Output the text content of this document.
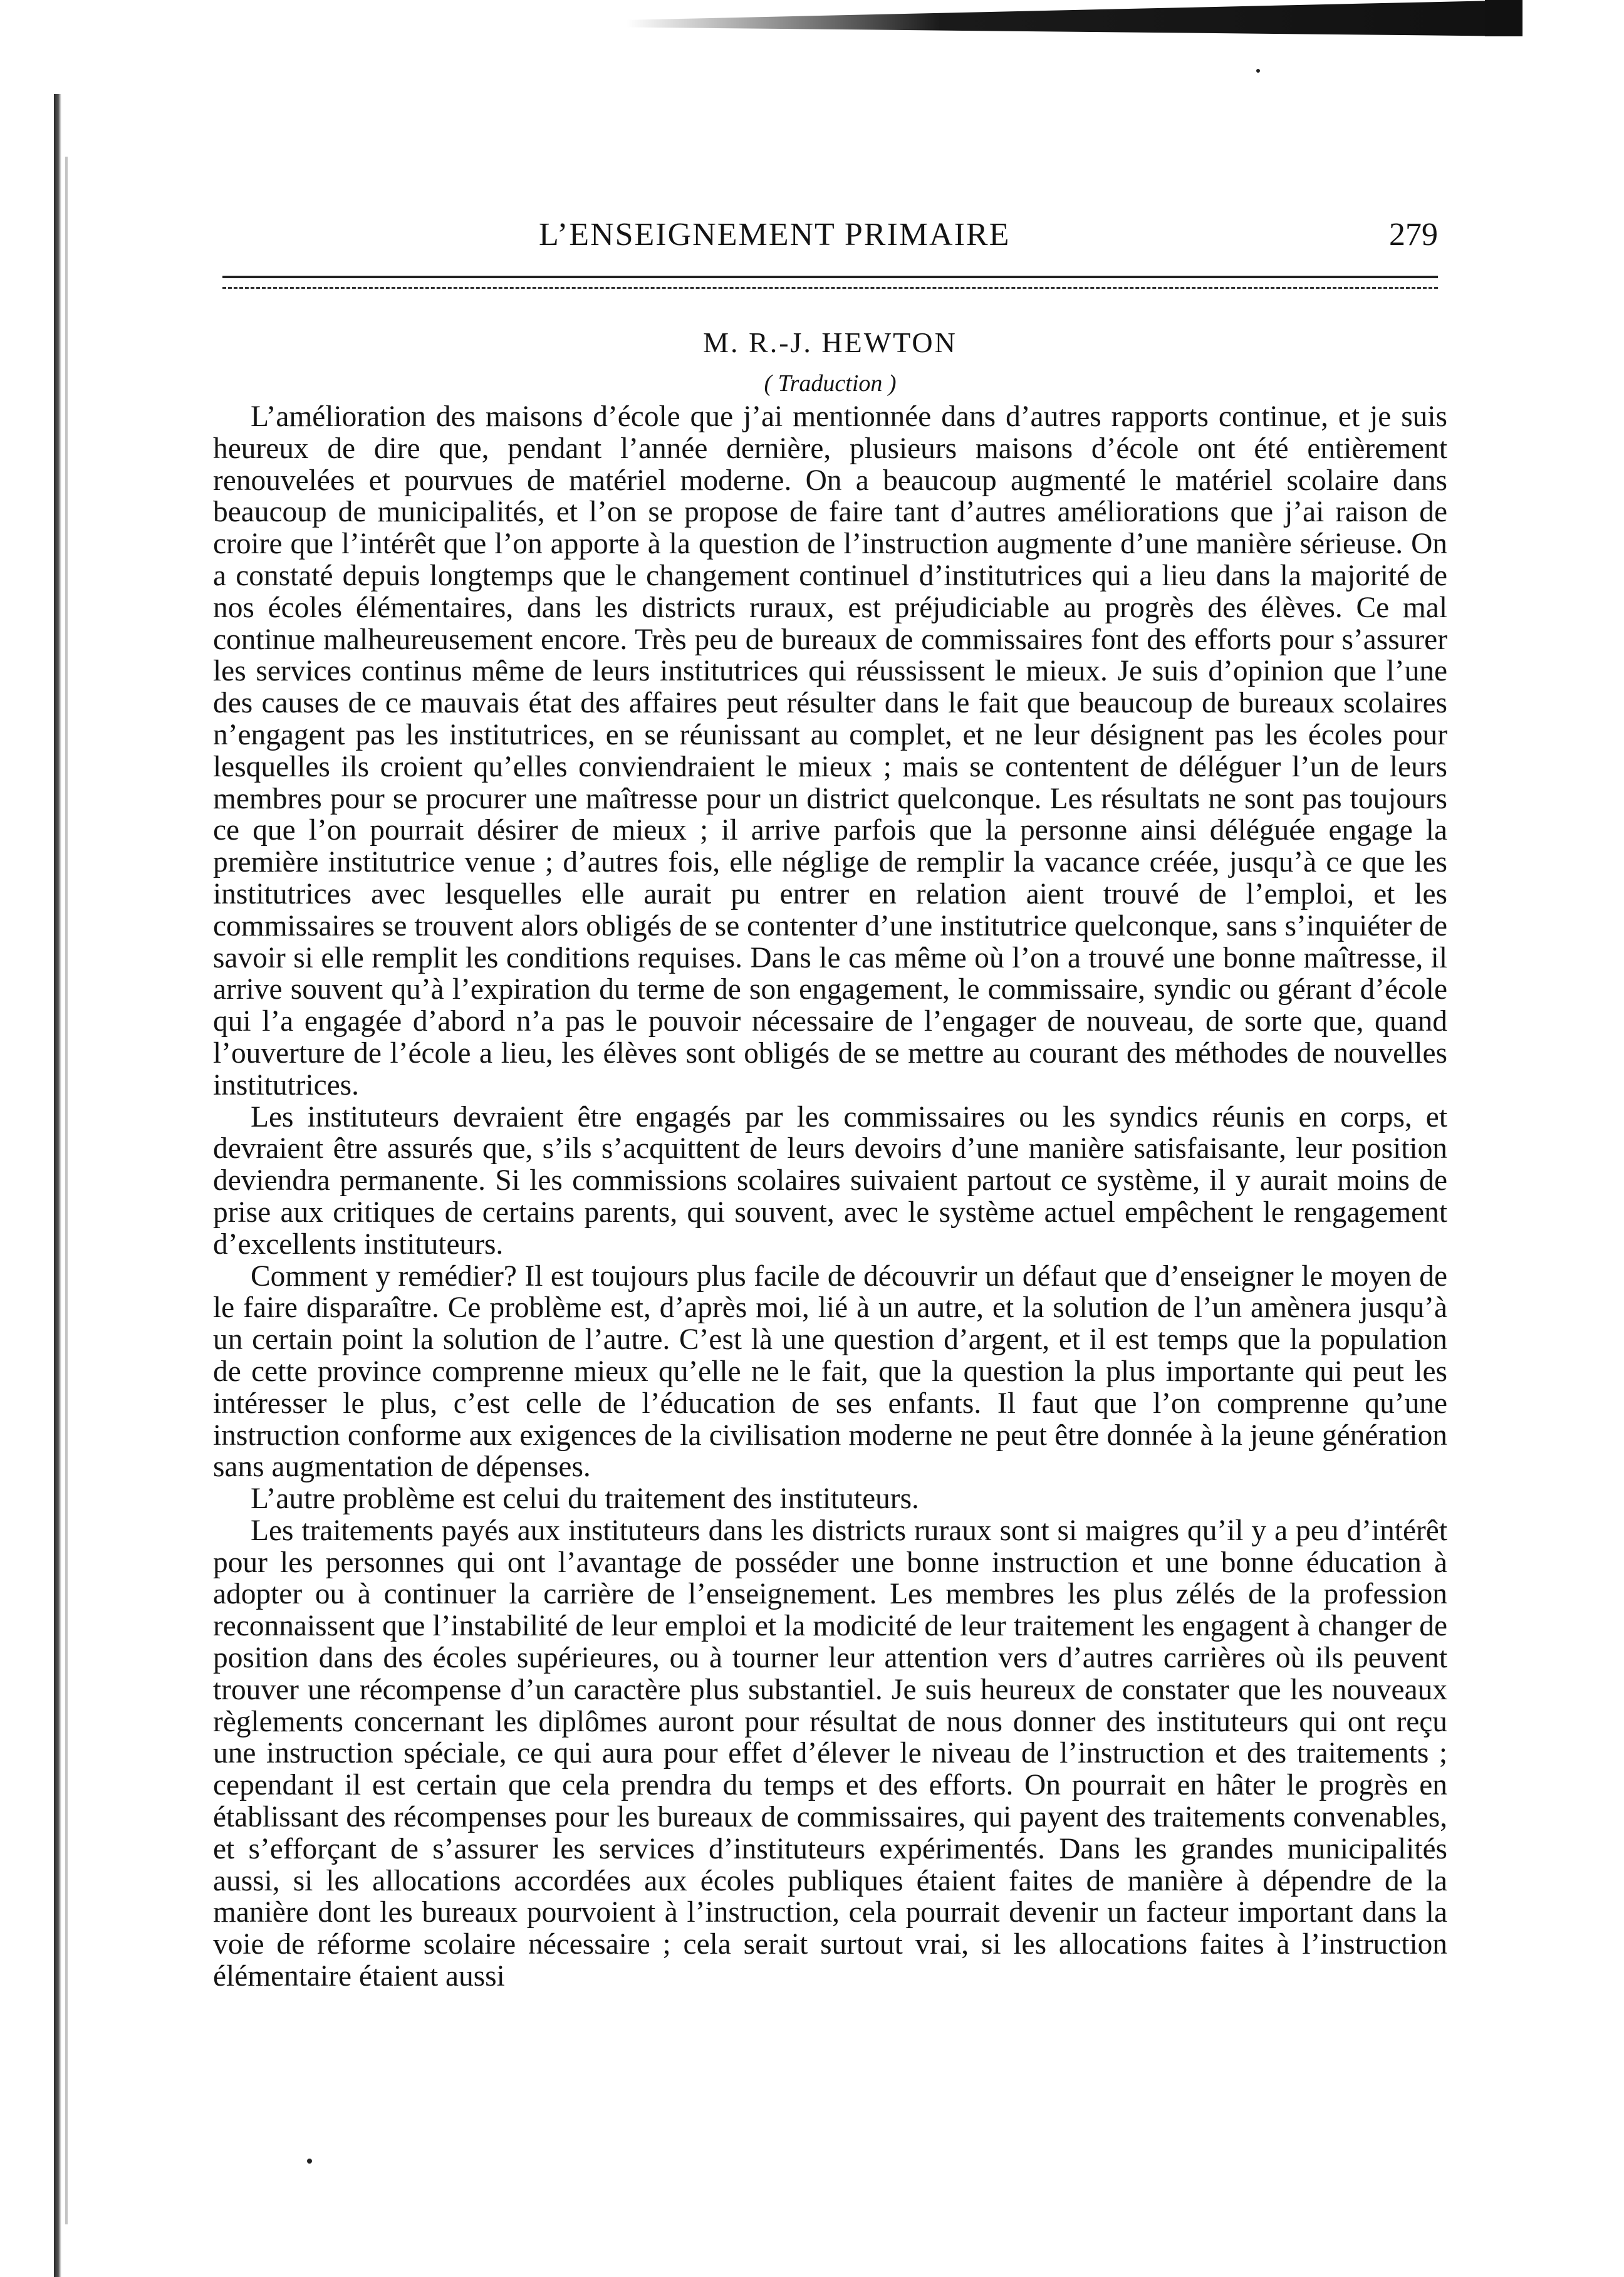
L’ENSEIGNEMENT PRIMAIRE	279
M. R.-J. HEWTON
( Traduction )

L’amélioration des maisons d’école que j’ai mentionnée dans d’autres rapports continue, et je suis heureux de dire que, pendant l’année dernière, plusieurs maisons d’école ont été entièrement renouvelées et pourvues de matériel moderne. On a beaucoup augmenté le matériel scolaire dans beaucoup de municipalités, et l’on se propose de faire tant d’autres améliorations que j’ai raison de croire que l’intérêt que l’on apporte à la question de l’instruction augmente d’une manière sérieuse. On a constaté depuis longtemps que le changement continuel d’institutrices qui a lieu dans la majorité de nos écoles élémentaires, dans les districts ruraux, est préjudiciable au progrès des élèves. Ce mal continue malheureusement encore. Très peu de bureaux de commissaires font des efforts pour s’assurer les services continus même de leurs institutrices qui réussissent le mieux. Je suis d’opinion que l’une des causes de ce mauvais état des affaires peut résulter dans le fait que beaucoup de bureaux scolaires n’engagent pas les institutrices, en se réunissant au complet, et ne leur désignent pas les écoles pour lesquelles ils croient qu’elles conviendraient le mieux ; mais se contentent de déléguer l’un de leurs membres pour se procurer une maîtresse pour un district quelconque. Les résultats ne sont pas toujours ce que l’on pourrait désirer de mieux ; il arrive parfois que la personne ainsi déléguée engage la première institutrice venue ; d’autres fois, elle néglige de remplir la vacance créée, jusqu’à ce que les institutrices avec lesquelles elle aurait pu entrer en relation aient trouvé de l’emploi, et les commissaires se trouvent alors obligés de se contenter d’une institutrice quelconque, sans s’inquiéter de savoir si elle remplit les conditions requises. Dans le cas même où l’on a trouvé une bonne maîtresse, il arrive souvent qu’à l’expiration du terme de son engagement, le commissaire, syndic ou gérant d’école qui l’a engagée d’abord n’a pas le pouvoir nécessaire de l’engager de nouveau, de sorte que, quand l’ouverture de l’école a lieu, les élèves sont obligés de se mettre au courant des méthodes de nouvelles institutrices.

Les instituteurs devraient être engagés par les commissaires ou les syndics réunis en corps, et devraient être assurés que, s’ils s’acquittent de leurs devoirs d’une manière satisfaisante, leur position deviendra permanente. Si les commissions scolaires suivaient partout ce système, il y aurait moins de prise aux critiques de certains parents, qui souvent, avec le système actuel empêchent le rengagement d’excellents instituteurs.

Comment y remédier? Il est toujours plus facile de découvrir un défaut que d’enseigner le moyen de le faire disparaître. Ce problème est, d’après moi, lié à un autre, et la solution de l’un amènera jusqu’à un certain point la solution de l’autre. C’est là une question d’argent, et il est temps que la population de cette province comprenne mieux qu’elle ne le fait, que la question la plus importante qui peut les intéresser le plus, c’est celle de l’éducation de ses enfants. Il faut que l’on comprenne qu’une instruction conforme aux exigences de la civilisation moderne ne peut être donnée à la jeune génération sans augmentation de dépenses.

L’autre problème est celui du traitement des instituteurs.

Les traitements payés aux instituteurs dans les districts ruraux sont si maigres qu’il y a peu d’intérêt pour les personnes qui ont l’avantage de posséder une bonne instruction et une bonne éducation à adopter ou à continuer la carrière de l’enseignement. Les membres les plus zélés de la profession reconnaissent que l’instabilité de leur emploi et la modicité de leur traitement les engagent à changer de position dans des écoles supérieures, ou à tourner leur attention vers d’autres carrières où ils peuvent trouver une récompense d’un caractère plus substantiel. Je suis heureux de constater que les nouveaux règlements concernant les diplômes auront pour résultat de nous donner des instituteurs qui ont reçu une instruction spéciale, ce qui aura pour effet d’élever le niveau de l’instruction et des traitements ; cependant il est certain que cela prendra du temps et des efforts. On pourrait en hâter le progrès en établissant des récompenses pour les bureaux de commissaires, qui payent des traitements convenables, et s’efforçant de s’assurer les services d’instituteurs expérimentés. Dans les grandes municipalités aussi, si les allocations accordées aux écoles publiques étaient faites de manière à dépendre de la manière dont les bureaux pourvoient à l’instruction, cela pourrait devenir un facteur important dans la voie de réforme scolaire nécessaire ; cela serait surtout vrai, si les allocations faites à l’instruction élémentaire étaient aussi
